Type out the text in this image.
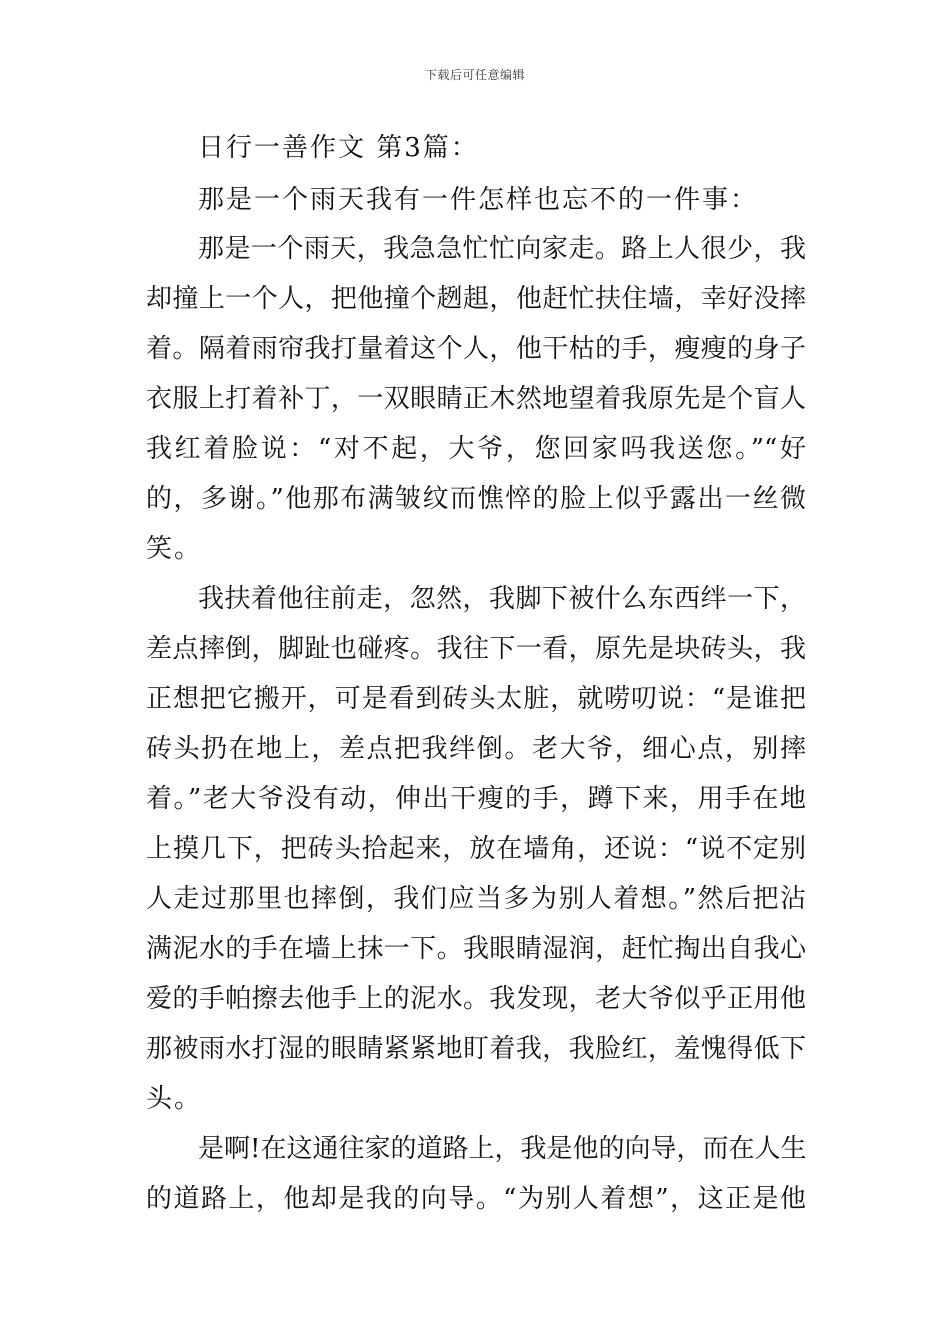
下载后可任意编辑
日行一善作文 第3篇：
那是一个雨天我有一件怎样也忘不的一件事：
那是一个雨天，我急急忙忙向家走。路上人很少，我
却撞上一个人，把他撞个趔趄，他赶忙扶住墙，幸好没摔
着。隔着雨帘我打量着这个人，他干枯的手，瘦瘦的身子
衣服上打着补丁，一双眼睛正木然地望着我原先是个盲人
我红着脸说：“对不起，大爷，您回家吗我送您。”“好
的，多谢。”他那布满皱纹而憔悴的脸上似乎露出一丝微
笑。
我扶着他往前走，忽然，我脚下被什么东西绊一下，
差点摔倒，脚趾也碰疼。我往下一看，原先是块砖头，我
正想把它搬开，可是看到砖头太脏，就唠叨说：“是谁把
砖头扔在地上，差点把我绊倒。老大爷，细心点，别摔
着。”老大爷没有动，伸出干瘦的手，蹲下来，用手在地
上摸几下，把砖头拾起来，放在墙角，还说：“说不定别
人走过那里也摔倒，我们应当多为别人着想。”然后把沾
满泥水的手在墙上抹一下。我眼睛湿润，赶忙掏出自我心
爱的手帕擦去他手上的泥水。我发现，老大爷似乎正用他
那被雨水打湿的眼睛紧紧地盯着我，我脸红，羞愧得低下
头。
是啊!在这通往家的道路上，我是他的向导，而在人生
的道路上，他却是我的向导。“为别人着想”，这正是他
